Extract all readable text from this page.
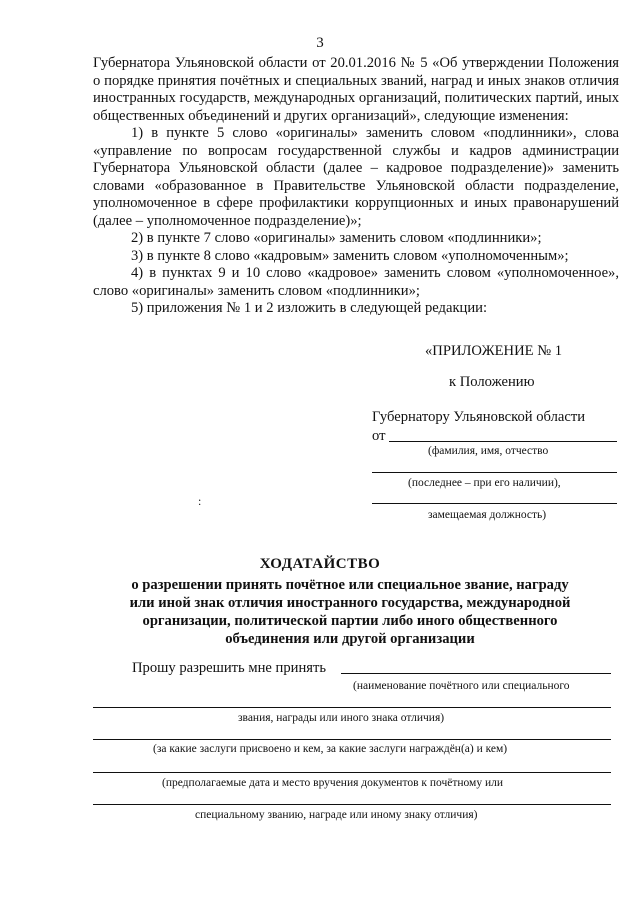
3

Губернатора Ульяновской области от 20.01.2016 № 5 «Об утверждении Положения о порядке принятия почётных и специальных званий, наград и иных знаков отличия иностранных государств, международных организаций, политических партий, иных общественных объединений и других организаций», следующие изменения:

1) в пункте 5 слово «оригиналы» заменить словом «подлинники», слова «управление по вопросам государственной службы и кадров администрации Губернатора Ульяновской области (далее – кадровое подразделение)» заменить словами «образованное в Правительстве Ульяновской области подразделение, уполномоченное в сфере профилактики коррупционных и иных правонарушений (далее – уполномоченное подразделение)»;

2) в пункте 7 слово «оригиналы» заменить словом «подлинники»;

3) в пункте 8 слово «кадровым» заменить словом «уполномоченным»;

4) в пунктах 9 и 10 слово «кадровое» заменить словом «уполномоченное», слово «оригиналы» заменить словом «подлинники»;

5) приложения № 1 и 2 изложить в следующей редакции:

«ПРИЛОЖЕНИЕ № 1
к Положению
Губернатору Ульяновской области
от
(фамилия, имя, отчество
(последнее – при его наличии),
замещаемая должность)
:
ХОДАТАЙСТВО
о разрешении принять почётное или специальное звание, награду или иной знак отличия иностранного государства, международной организации, политической партии либо иного общественного объединения или другой организации
Прошу разрешить мне принять
(наименование почётного или специального
звания, награды или иного знака отличия)
(за какие заслуги присвоено и кем, за какие заслуги награждён(а) и кем)
(предполагаемые дата и место вручения документов к почётному или
специальному званию, награде или иному знаку отличия)
